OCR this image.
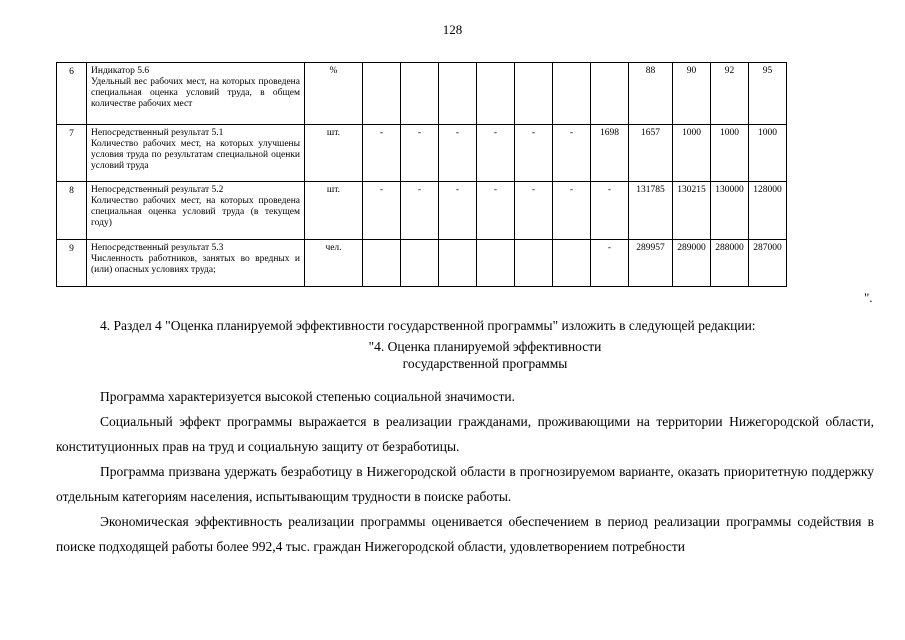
128
6	Индикатор 5.6
Удельный вес рабочих мест, на которых проведена специальная оценка условий труда, в общем количестве рабочих мест	%								88	90	92	95
7	Непосредственный результат 5.1
Количество рабочих мест, на которых улучшены условия труда по результатам специальной оценки условий труда	шт.	-	-	-	-	-	-	1698	1657	1000	1000	1000
8	Непосредственный результат 5.2
Количество рабочих мест, на которых проведена специальная оценка условий труда (в текущем году)	шт.	-	-	-	-	-	-	-	131785	130215	130000	128000
9	Непосредственный результат 5.3
Численность работников, занятых во вредных и (или) опасных условиях труда;	чел.							-	289957	289000	288000	287000
".

4. Раздел 4 "Оценка планируемой эффективности государственной программы" изложить в следующей редакции:

"4. Оценка планируемой эффективности

государственной программы

Программа характеризуется высокой степенью социальной значимости.

Социальный эффект программы выражается в реализации гражданами, проживающими на территории Нижегородской области, конституционных прав на труд и социальную защиту от безработицы.

Программа призвана удержать безработицу в Нижегородской области в прогнозируемом варианте, оказать приоритетную поддержку отдельным категориям населения, испытывающим трудности в поиске работы.

Экономическая эффективность реализации программы оценивается обеспечением в период реализации программы содействия в поиске подходящей работы более 992,4 тыс. граждан Нижегородской области, удовлетворением потребности
